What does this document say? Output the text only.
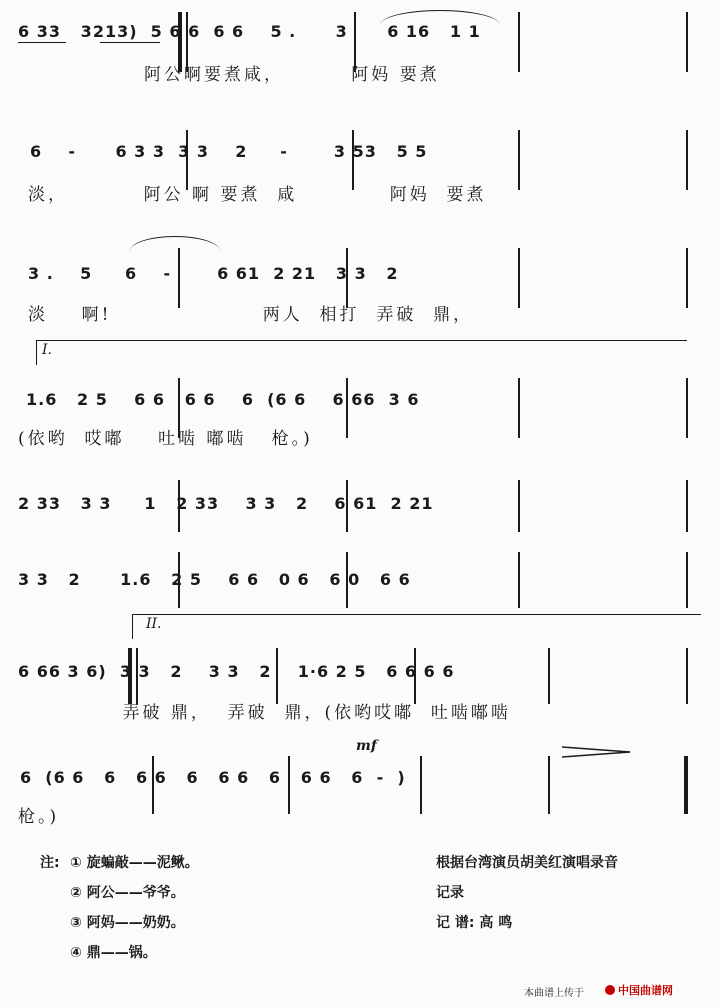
6 33   3213)  5 6 6  6 6    5 .      3      6 16   1 1
阿公啊要煮咸，        阿妈 要煮
6    -      6 3 3  3 3    2     -       3 53   5 5
淡，         阿公 啊 要煮  咸           阿妈  要煮
3 .    5     6    -       6 61  2 21   3 3   2
淡    啊!                  两人  相打  弄破  鼎，
I.
1.6   2 5    6 6   6 6    6  (6 6    6 66  3 6
(依哟  哎嘟    吐啮 嘟啮   枪。)
2 33   3 3     1   2 33    3 3   2    6 61  2 21
3 3   2      1.6   2 5    6 6   0 6   6 0   6 6
II.
6 66 3 6)  3 3   2    3 3   2    1·6 2 5   6 6 6 6
弄破 鼎，  弄破  鼎，(依哟哎嘟  吐啮嘟啮
mf
6  (6 6   6   6 6   6   6 6   6   6 6   6  -  )
枪。)
注: ① 旋蝙敲——泥鳅。
② 阿公——爷爷。
③ 阿妈——奶奶。
④ 鼎——锅。
根据台湾演员胡美红演唱录音
记录
记 谱: 高 鸣
本曲谱上传于	中国曲谱网
